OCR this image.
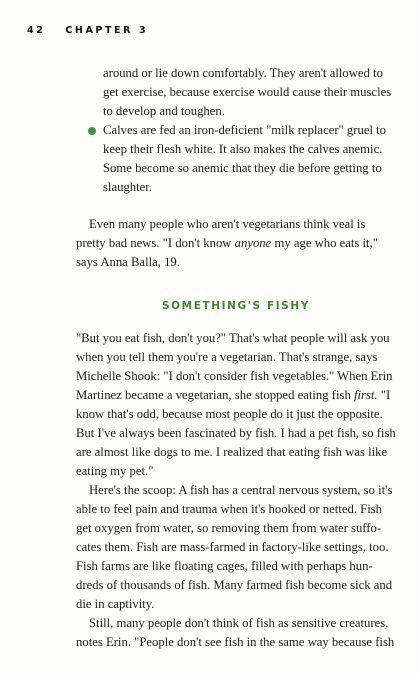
42 CHAPTER 3
around or lie down comfortably. They aren't allowed to
get exercise, because exercise would cause their muscles
to develop and toughen.
Calves are fed an iron-deficient "milk replacer" gruel to
keep their flesh white. It also makes the calves anemic.
Some become so anemic that they die before getting to
slaughter.
Even many people who aren't vegetarians think veal is
pretty bad news. "I don't know anyone my age who eats it,"
says Anna Balla, 19.
SOMETHING'S FISHY
"But you eat fish, don't you?" That's what people will ask you
when you tell them you're a vegetarian. That's strange, says
Michelle Shook: "I don't consider fish vegetables." When Erin
Martinez became a vegetarian, she stopped eating fish first. "I
know that's odd, because most people do it just the opposite.
But I've always been fascinated by fish. I had a pet fish, so fish
are almost like dogs to me. I realized that eating fish was like
eating my pet."
Here's the scoop: A fish has a central nervous system, so it's
able to feel pain and trauma when it's hooked or netted. Fish
get oxygen from water, so removing them from water suffo-
cates them. Fish are mass-farmed in factory-like settings, too.
Fish farms are like floating cages, filled with perhaps hun-
dreds of thousands of fish. Many farmed fish become sick and
die in captivity.
Still, many people don't think of fish as sensitive creatures,
notes Erin. "People don't see fish in the same way because fish
